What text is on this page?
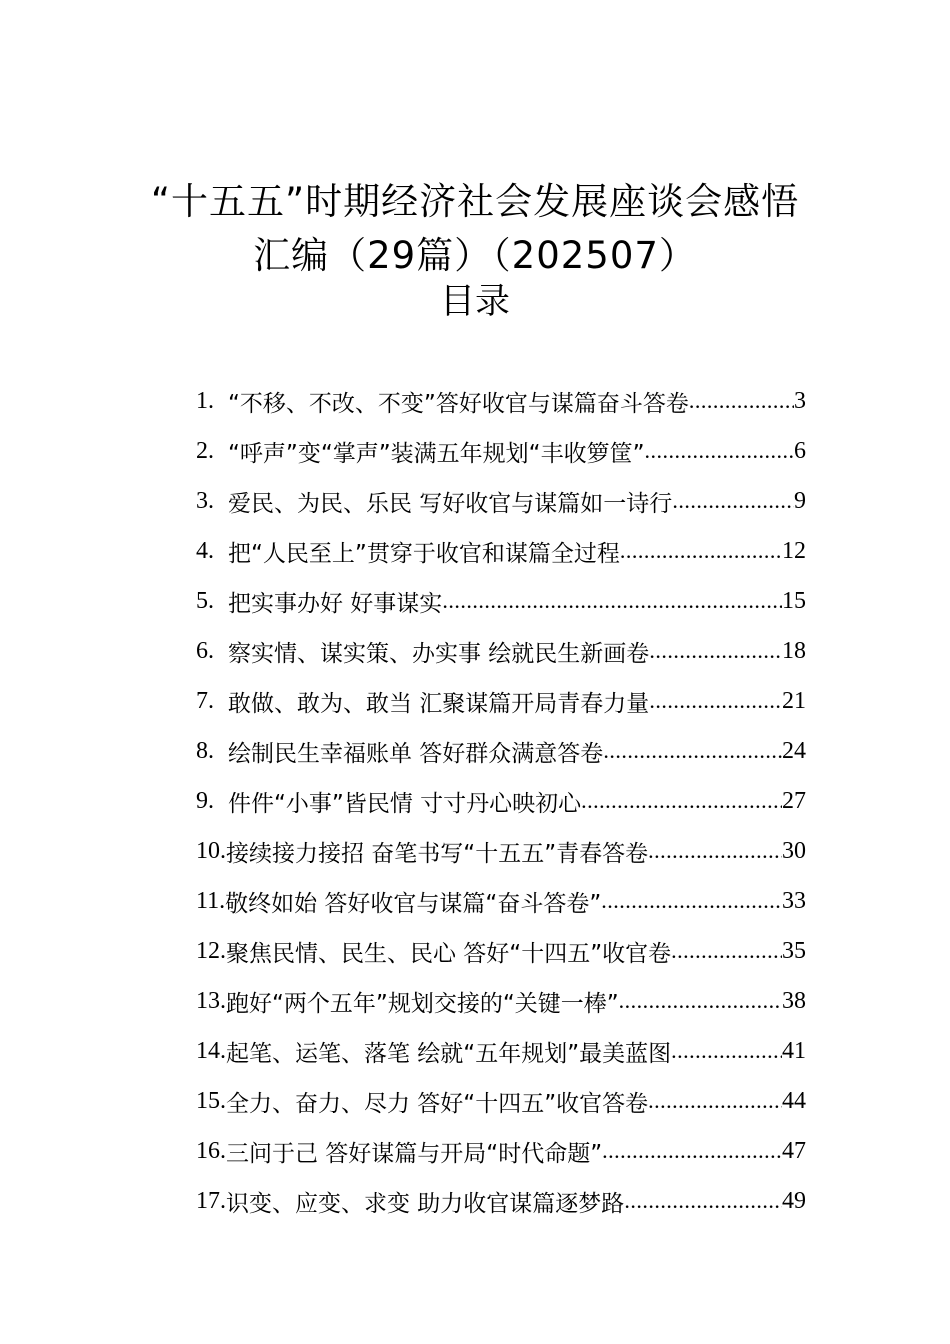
“十五五”时期经济社会发展座谈会感悟
汇编（29篇）（202507）
目录
1. “不移、不改、不变”答好收官与谋篇奋斗答卷 .....	3
2. “呼声”变“掌声”装满五年规划“丰收箩筐” .....	6
3. 爱民、为民、乐民 写好收官与谋篇如一诗行 .....	9
4. 把“人民至上”贯穿于收官和谋篇全过程 .....	12
5. 把实事办好 好事谋实 .....	15
6. 察实情、谋实策、办实事 绘就民生新画卷 .....	18
7. 敢做、敢为、敢当 汇聚谋篇开局青春力量 .....	21
8. 绘制民生幸福账单 答好群众满意答卷 .....	24
9. 件件“小事”皆民情 寸寸丹心映初心 .....	27
10. 接续接力接招 奋笔书写“十五五”青春答卷 .....	30
11. 敬终如始 答好收官与谋篇“奋斗答卷” .....	33
12. 聚焦民情、民生、民心 答好“十四五”收官卷 .....	35
13. 跑好“两个五年”规划交接的“关键一棒” .....	38
14. 起笔、运笔、落笔 绘就“五年规划”最美蓝图 .....	41
15. 全力、奋力、尽力 答好“十四五”收官答卷 .....	44
16. 三问于己 答好谋篇与开局“时代命题” .....	47
17. 识变、应变、求变 助力收官谋篇逐梦路 .....	49
